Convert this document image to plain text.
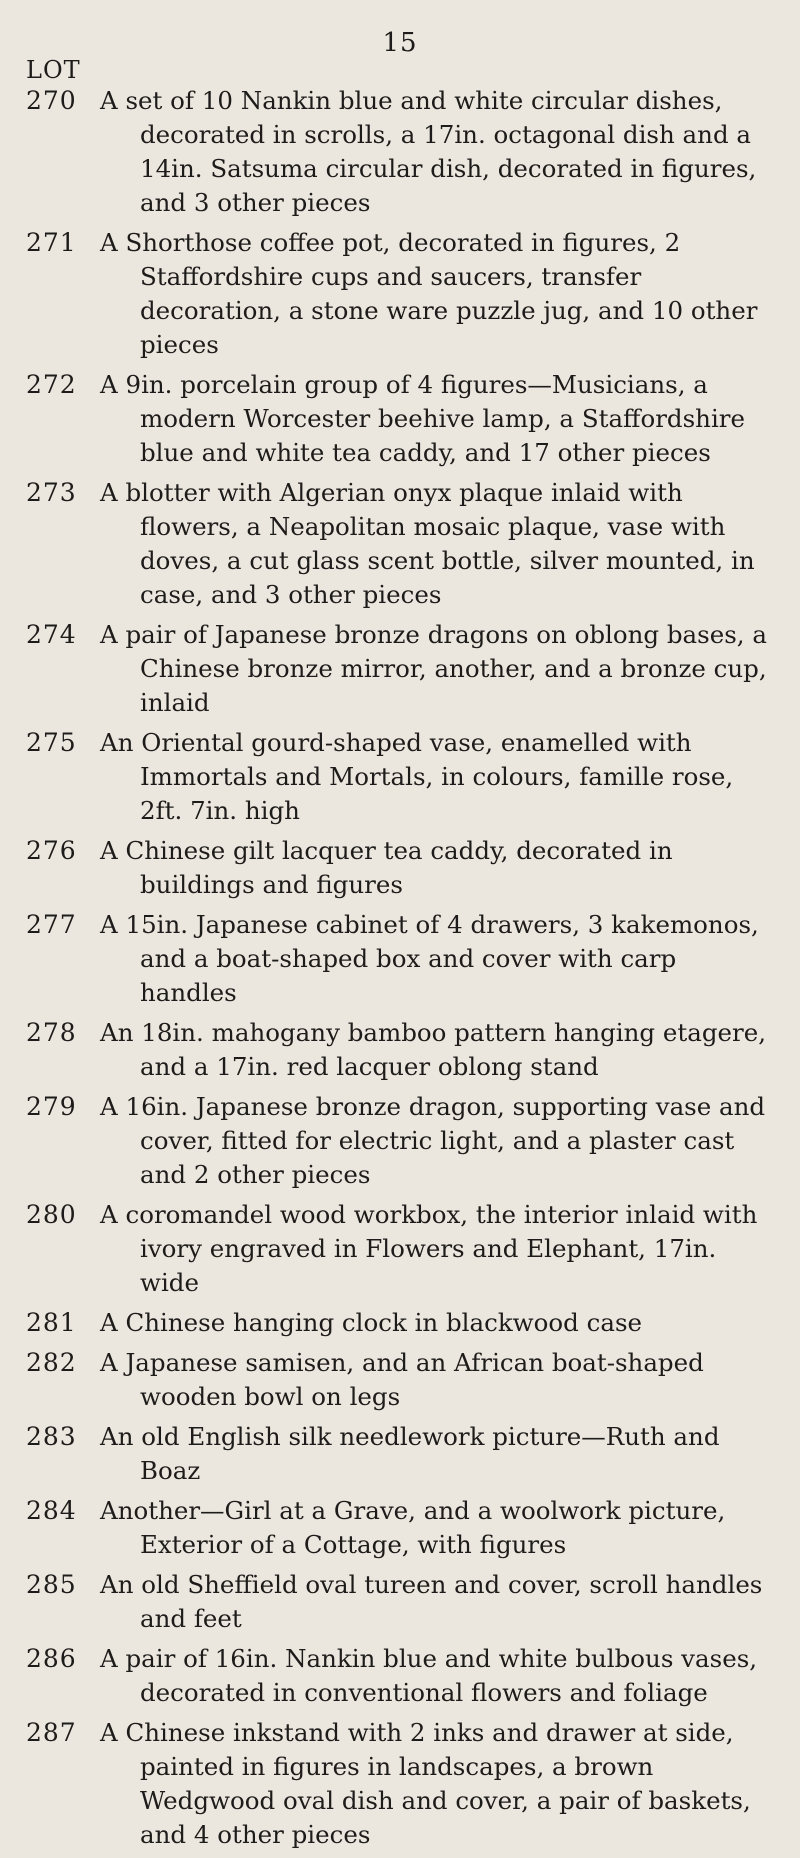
15
LOT
270 A set of 10 Nankin blue and white circular dishes, decorated in scrolls, a 17in. octagonal dish and a 14in. Satsuma circular dish, decorated in figures, and 3 other pieces
271 A Shorthose coffee pot, decorated in figures, 2 Staffordshire cups and saucers, transfer decoration, a stone ware puzzle jug, and 10 other pieces
272 A 9in. porcelain group of 4 figures—Musicians, a modern Worcester beehive lamp, a Staffordshire blue and white tea caddy, and 17 other pieces
273 A blotter with Algerian onyx plaque inlaid with flowers, a Neapolitan mosaic plaque, vase with doves, a cut glass scent bottle, silver mounted, in case, and 3 other pieces
274 A pair of Japanese bronze dragons on oblong bases, a Chinese bronze mirror, another, and a bronze cup, inlaid
275 An Oriental gourd-shaped vase, enamelled with Immortals and Mortals, in colours, famille rose, 2ft. 7in. high
276 A Chinese gilt lacquer tea caddy, decorated in buildings and figures
277 A 15in. Japanese cabinet of 4 drawers, 3 kakemonos, and a boat-shaped box and cover with carp handles
278 An 18in. mahogany bamboo pattern hanging etagere, and a 17in. red lacquer oblong stand
279 A 16in. Japanese bronze dragon, supporting vase and cover, fitted for electric light, and a plaster cast and 2 other pieces
280 A coromandel wood workbox, the interior inlaid with ivory engraved in Flowers and Elephant, 17in. wide
281 A Chinese hanging clock in blackwood case
282 A Japanese samisen, and an African boat-shaped wooden bowl on legs
283 An old English silk needlework picture—Ruth and Boaz
284 Another—Girl at a Grave, and a woolwork picture, Exterior of a Cottage, with figures
285 An old Sheffield oval tureen and cover, scroll handles and feet
286 A pair of 16in. Nankin blue and white bulbous vases, decorated in conventional flowers and foliage
287 A Chinese inkstand with 2 inks and drawer at side, painted in figures in landscapes, a brown Wedgwood oval dish and cover, a pair of baskets, and 4 other pieces
